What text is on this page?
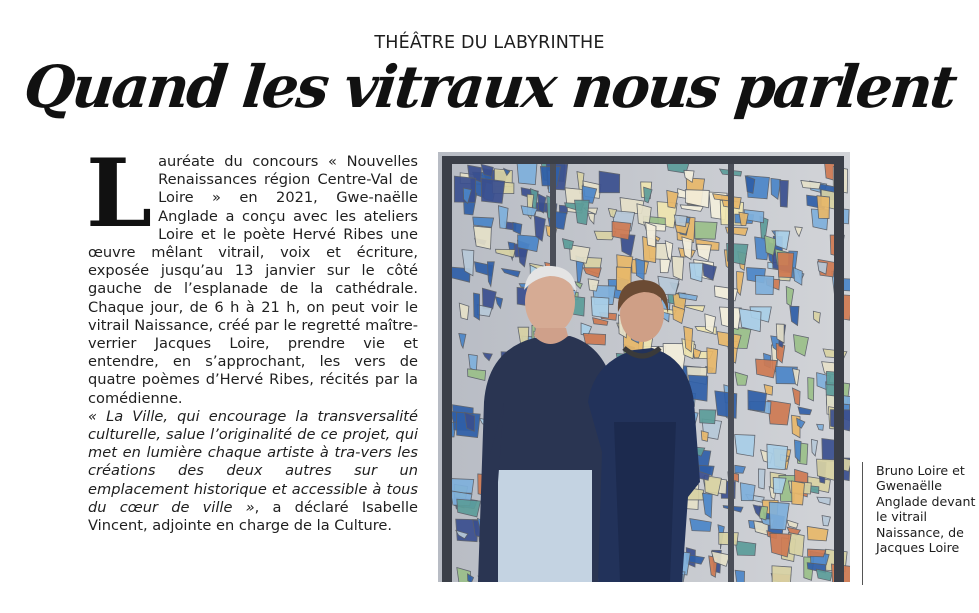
THÉÂTRE DU LABYRINTHE
Quand les vitraux nous parlent
L auréate du concours « Nouvelles Renaissances région Centre-Val de Loire » en 2021, Gwe-naëlle Anglade a conçu avec les ateliers Loire et le poète Hervé Ribes une œuvre mêlant vitrail, voix et écriture, exposée jusqu’au 13 janvier sur le côté gauche de l’esplanade de la cathédrale. Chaque jour, de 6 h à 21 h, on peut voir le vitrail Naissance, créé par le regretté maître-verrier Jacques Loire, prendre vie et entendre, en s’approchant, les vers de quatre poèmes d’Hervé Ribes, récités par la comédienne.

« La Ville, qui encourage la transversalité culturelle, salue l’originalité de ce projet, qui met en lumière chaque artiste à tra-vers les créations des deux autres sur un emplacement historique et accessible à tous du cœur de ville », a déclaré Isabelle Vincent, adjointe en charge de la Culture.

Bruno Loire et Gwenaëlle Anglade devant le vitrail Naissance, de Jacques Loire
